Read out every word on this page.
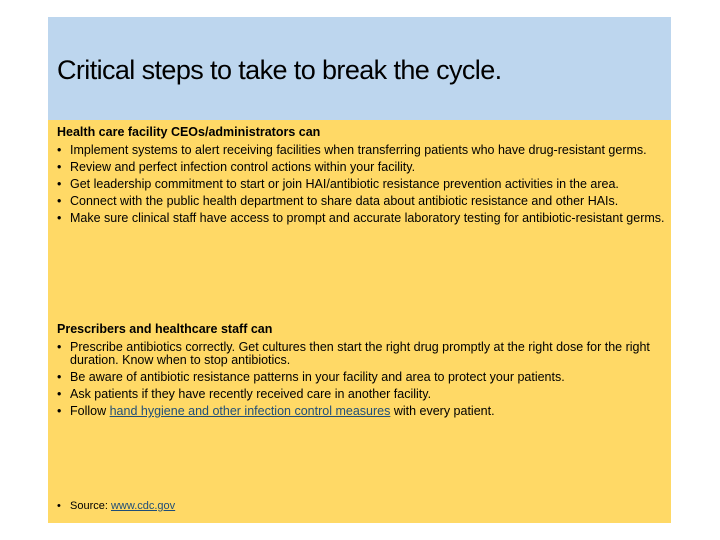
Critical steps to take to break the cycle.
Health care facility CEOs/administrators can
• Implement systems to alert receiving facilities when transferring patients who have drug-resistant germs.
• Review and perfect infection control actions within your facility.
• Get leadership commitment to start or join HAI/antibiotic resistance prevention activities in the area.
• Connect with the public health department to share data about antibiotic resistance and other HAIs.
• Make sure clinical staff have access to prompt and accurate laboratory testing for antibiotic-resistant germs.
Prescribers and healthcare staff can
• Prescribe antibiotics correctly. Get cultures then start the right drug promptly at the right dose for the right duration. Know when to stop antibiotics.
• Be aware of antibiotic resistance patterns in your facility and area to protect your patients.
• Ask patients if they have recently received care in another facility.
• Follow hand hygiene and other infection control measures with every patient.
• Source: www.cdc.gov
